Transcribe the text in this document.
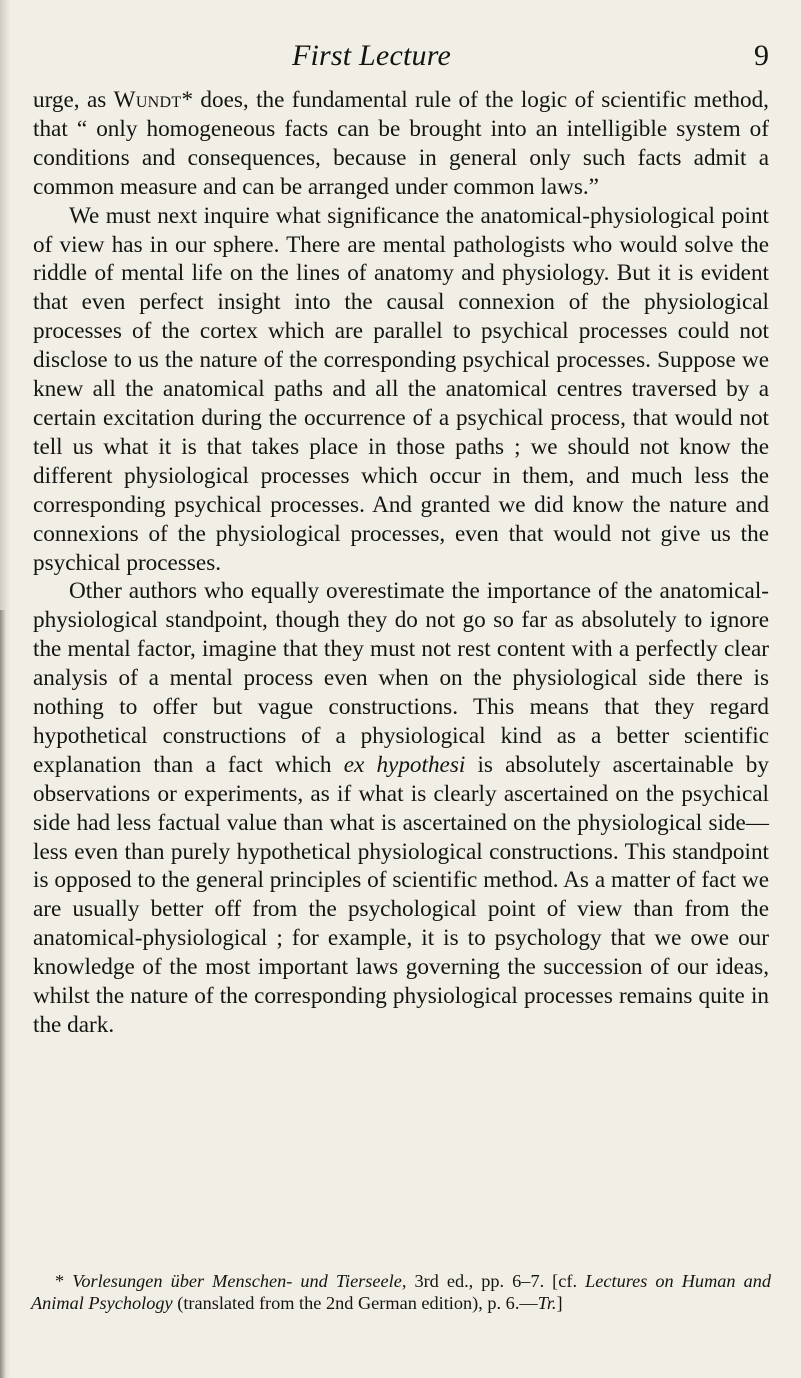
First Lecture	9

urge, as Wundt* does, the fundamental rule of the logic of scientific method, that “ only homogeneous facts can be brought into an intelligible system of conditions and consequences, because in general only such facts admit a common measure and can be arranged under common laws.”

We must next inquire what significance the anatomical-physiological point of view has in our sphere. There are mental pathologists who would solve the riddle of mental life on the lines of anatomy and physiology. But it is evident that even perfect insight into the causal connexion of the physiological processes of the cortex which are parallel to psychical processes could not disclose to us the nature of the corresponding psychical processes. Suppose we knew all the anatomical paths and all the anatomical centres traversed by a certain excitation during the occurrence of a psychical process, that would not tell us what it is that takes place in those paths ; we should not know the different physiological processes which occur in them, and much less the corresponding psychical processes. And granted we did know the nature and connexions of the physiological processes, even that would not give us the psychical processes.

Other authors who equally overestimate the importance of the anatomical-physiological standpoint, though they do not go so far as absolutely to ignore the mental factor, imagine that they must not rest content with a perfectly clear analysis of a mental process even when on the physiological side there is nothing to offer but vague constructions. This means that they regard hypothetical constructions of a physiological kind as a better scientific explanation than a fact which ex hypothesi is absolutely ascertainable by observations or experiments, as if what is clearly ascertained on the psychical side had less factual value than what is ascertained on the physiological side—less even than purely hypothetical physiological constructions. This standpoint is opposed to the general principles of scientific method. As a matter of fact we are usually better off from the psychological point of view than from the anatomical-physiological ; for example, it is to psychology that we owe our knowledge of the most important laws governing the succession of our ideas, whilst the nature of the corresponding physiological processes remains quite in the dark.

* Vorlesungen über Menschen- und Tierseele, 3rd ed., pp. 6–7. [cf. Lectures on Human and Animal Psychology (translated from the 2nd German edition), p. 6.—Tr.]
